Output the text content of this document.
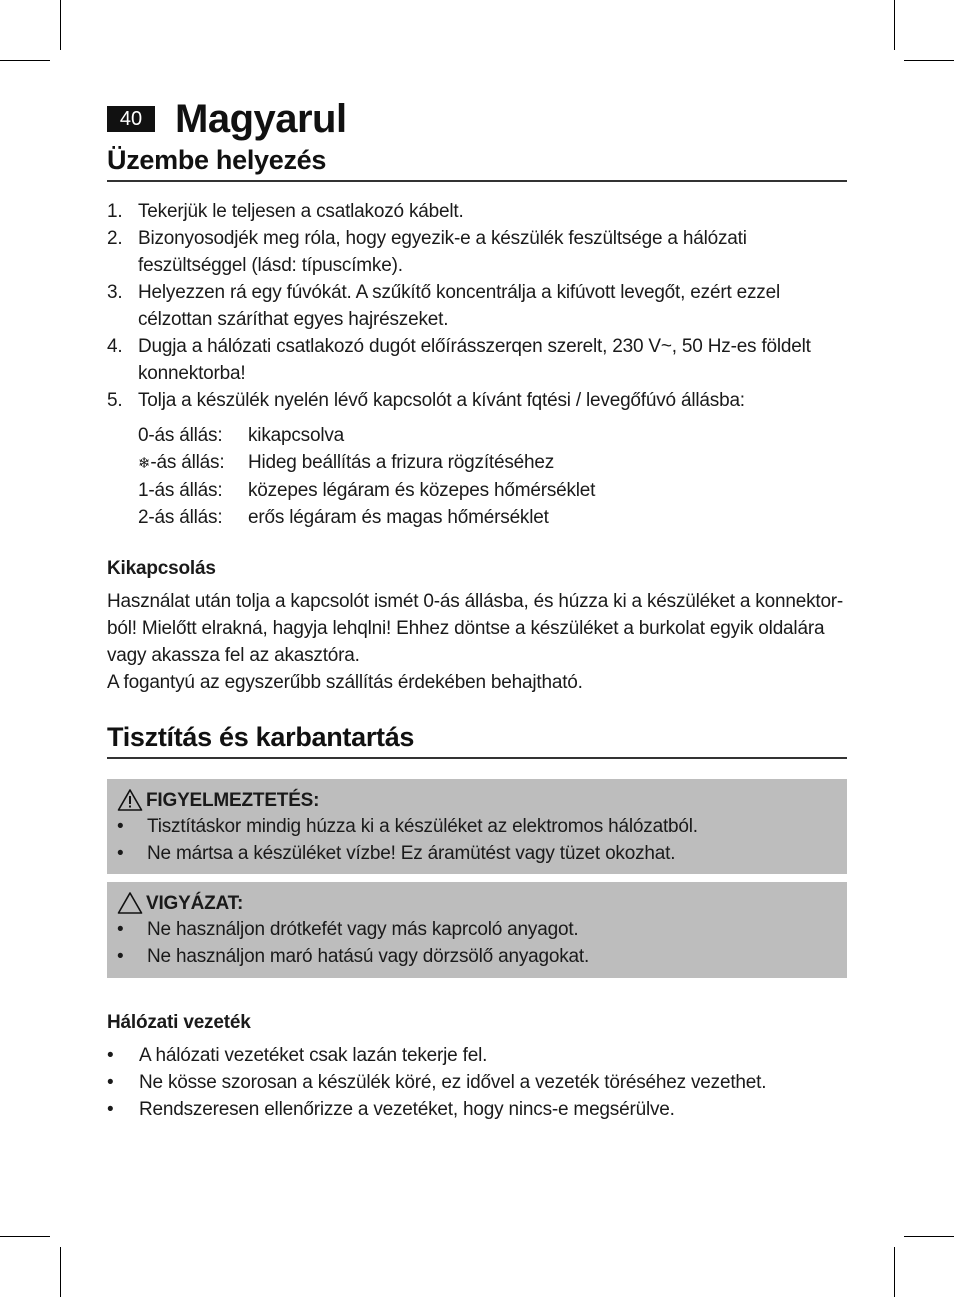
40 Magyarul
Üzembe helyezés
1. Tekerjük le teljesen a csatlakozó kábelt.
2. Bizonyosodjék meg róla, hogy egyezik-e a készülék feszültsége a hálózati feszültséggel (lásd: típuscímke).
3. Helyezzen rá egy fúvókát. A szűkítő koncentrálja a kifúvott levegőt, ezért ezzel célzottan száríthat egyes hajrészeket.
4. Dugja a hálózati csatlakozó dugót előírásszerqen szerelt, 230 V~, 50 Hz-es földelt konnektorba!
5. Tolja a készülék nyelén lévő kapcsolót a kívánt fqtési / levegőfúvó állásba:
0-ás állás:	kikapcsolva
❄-ás állás:	Hideg beállítás a frizura rögzítéséhez
1-ás állás:	közepes légáram és közepes hőmérséklet
2-ás állás:	erős légáram és magas hőmérséklet
Kikapcsolás
Használat után tolja a kapcsolót ismét 0-ás állásba, és húzza ki a készüléket a konnektor-
ból! Mielőtt elrakná, hagyja lehqlni! Ehhez döntse a készüléket a burkolat egyik oldalára
vagy akassza fel az akasztóra.
A fogantyú az egyszerűbb szállítás érdekében behajtható.
Tisztítás és karbantartás
FIGYELMEZTETÉS:
•	Tisztításkor mindig húzza ki a készüléket az elektromos hálózatból.
•	Ne mártsa a készüléket vízbe! Ez áramütést vagy tüzet okozhat.
VIGYÁZAT:
•	Ne használjon drótkefét vagy más kaprcoló anyagot.
•	Ne használjon maró hatású vagy dörzsölő anyagokat.
Hálózati vezeték
•	A hálózati vezetéket csak lazán tekerje fel.
•	Ne kösse szorosan a készülék köré, ez idővel a vezeték töréséhez vezethet.
•	Rendszeresen ellenőrizze a vezetéket, hogy nincs-e megsérülve.
